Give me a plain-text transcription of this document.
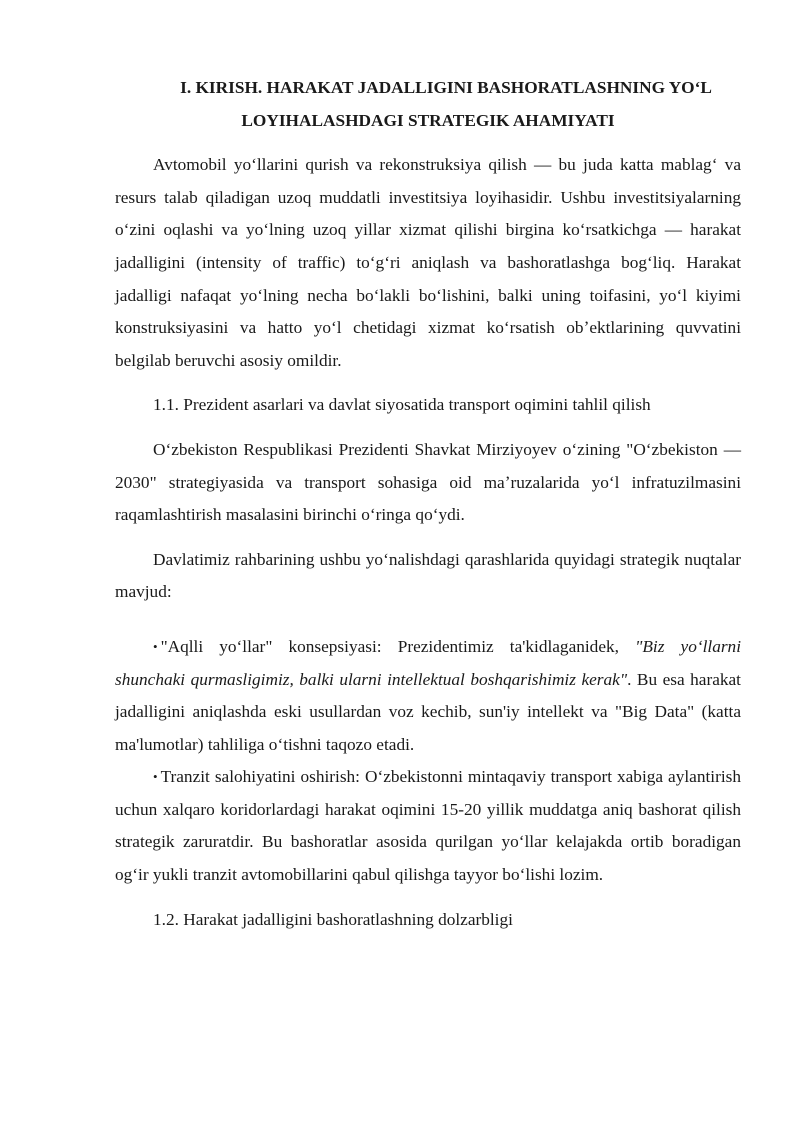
I. KIRISH. HARAKAT JADALLIGINI BASHORATLASHNING YOʻL
LOYIHALASHDAGI STRATEGIK AHAMIYATI

Avtomobil yoʻllarini qurish va rekonstruksiya qilish — bu juda katta mablagʻ va resurs talab qiladigan uzoq muddatli investitsiya loyihasidir. Ushbu investitsiyalarning oʻzini oqlashi va yoʻlning uzoq yillar xizmat qilishi birgina koʻrsatkichga — harakat jadalligini (intensity of traffic) toʻgʻri aniqlash va bashoratlashga bogʻliq. Harakat jadalligi nafaqat yoʻlning necha boʻlakli boʻlishini, balki uning toifasini, yoʻl kiyimi konstruksiyasini va hatto yoʻl chetidagi xizmat koʻrsatish obʼektlarining quvvatini belgilab beruvchi asosiy omildir.

1.1. Prezident asarlari va davlat siyosatida transport oqimini tahlil qilish

Oʻzbekiston Respublikasi Prezidenti Shavkat Mirziyoyev oʻzining "Oʻzbekiston — 2030" strategiyasida va transport sohasiga oid maʼruzalarida yoʻl infratuzilmasini raqamlashtirish masalasini birinchi oʻringa qoʻydi.

Davlatimiz rahbarining ushbu yoʻnalishdagi qarashlarida quyidagi strategik nuqtalar mavjud:

• "Aqlli yoʻllar" konsepsiyasi: Prezidentimiz ta'kidlaganidek, "Biz yoʻllarni shunchaki qurmasligimiz, balki ularni intellektual boshqarishimiz kerak". Bu esa harakat jadalligini aniqlashda eski usullardan voz kechib, sun'iy intellekt va "Big Data" (katta ma'lumotlar) tahliliga oʻtishni taqozo etadi.

• Tranzit salohiyatini oshirish: Oʻzbekistonni mintaqaviy transport xabiga aylantirish uchun xalqaro koridorlardagi harakat oqimini 15-20 yillik muddatga aniq bashorat qilish strategik zaruratdir. Bu bashoratlar asosida qurilgan yoʻllar kelajakda ortib boradigan ogʻir yukli tranzit avtomobillarini qabul qilishga tayyor boʻlishi lozim.

1.2. Harakat jadalligini bashoratlashning dolzarbligi
